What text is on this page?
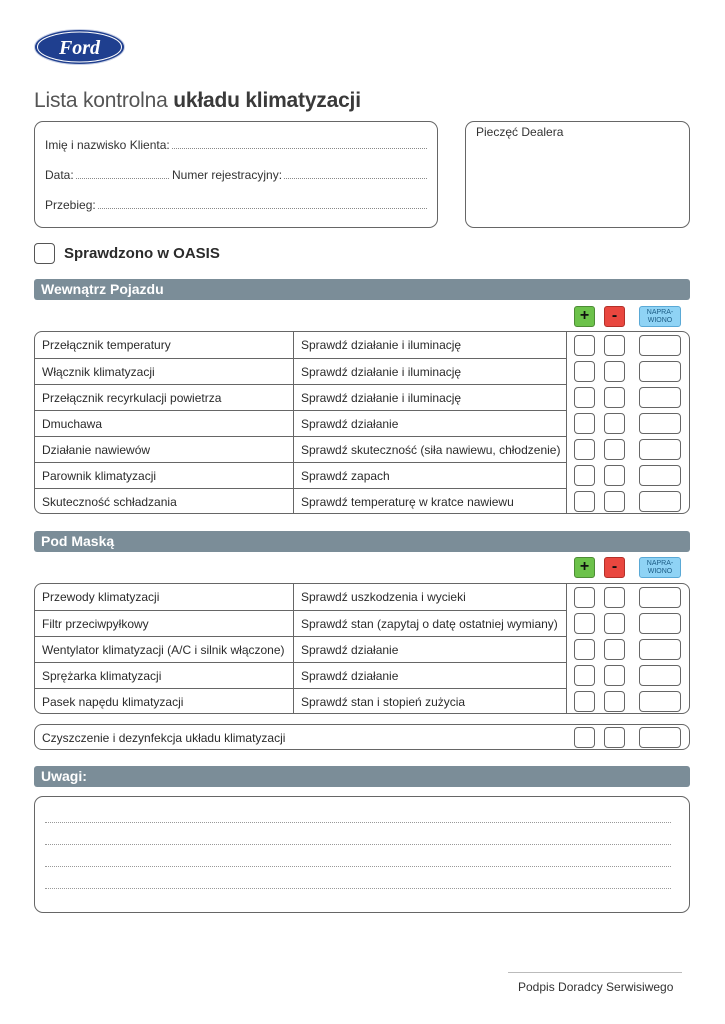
Ford
Lista kontrolna układu klimatyzacji
Imię i nazwisko Klienta:
Data:	Numer rejestracyjny:
Przebieg:
Pieczęć Dealera
Sprawdzono w OASIS
Wewnątrz Pojazdu
+	-	NAPRA-WIONO
Przełącznik temperatury	Sprawdź działanie i iluminację
Włącznik klimatyzacji	Sprawdź działanie i iluminację
Przełącznik recyrkulacji powietrza	Sprawdź działanie i iluminację
Dmuchawa	Sprawdź działanie
Działanie nawiewów	Sprawdź skuteczność (siła nawiewu, chłodzenie)
Parownik klimatyzacji	Sprawdź zapach
Skuteczność schładzania	Sprawdź temperaturę w kratce nawiewu
Pod Maską
+	-	NAPRA-WIONO
Przewody klimatyzacji	Sprawdź uszkodzenia i wycieki
Filtr przeciwpyłkowy	Sprawdź stan (zapytaj o datę ostatniej wymiany)
Wentylator klimatyzacji (A/C i silnik włączone)	Sprawdź działanie
Sprężarka klimatyzacji	Sprawdź działanie
Pasek napędu klimatyzacji	Sprawdź stan i stopień zużycia
Czyszczenie i dezynfekcja układu klimatyzacji
Uwagi:
Podpis Doradcy Serwisiwego
